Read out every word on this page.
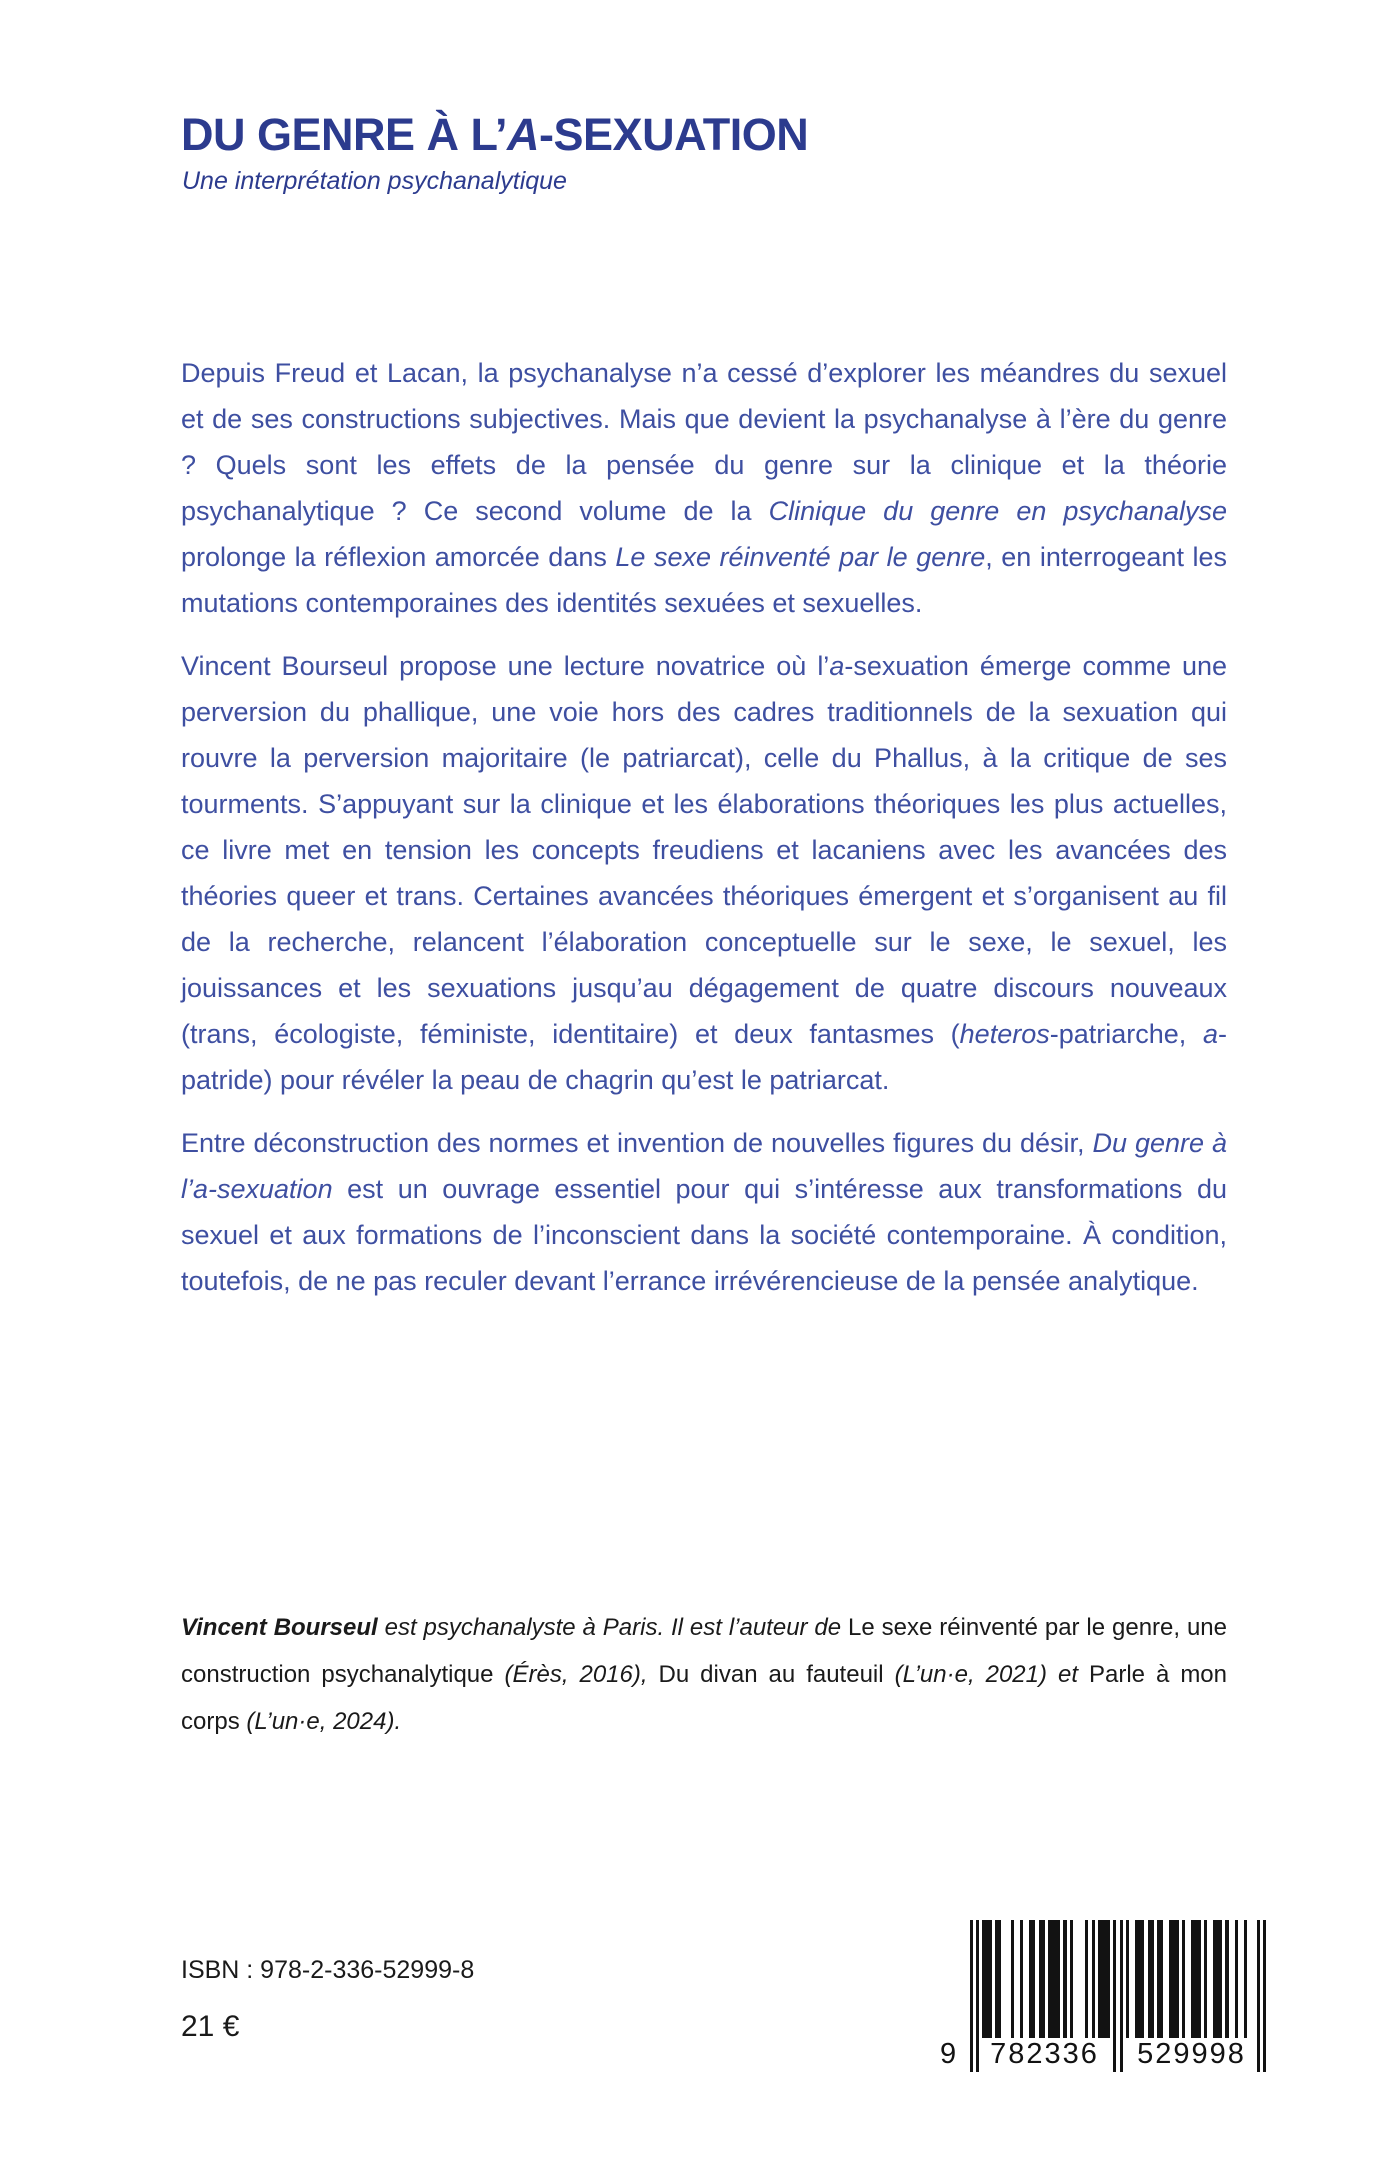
DU GENRE À L’A-SEXUATION
Une interprétation psychanalytique

Depuis Freud et Lacan, la psychanalyse n’a cessé d’explorer les méandres du sexuel et de ses constructions subjectives. Mais que devient la psychanalyse à l’ère du genre ? Quels sont les effets de la pensée du genre sur la clinique et la théorie psychanalytique ? Ce second volume de la Clinique du genre en psychanalyse prolonge la réflexion amorcée dans Le sexe réinventé par le genre, en interrogeant les mutations contemporaines des identités sexuées et sexuelles.

Vincent Bourseul propose une lecture novatrice où l’a-sexuation émerge comme une perversion du phallique, une voie hors des cadres traditionnels de la sexuation qui rouvre la perversion majoritaire (le patriarcat), celle du Phallus, à la critique de ses tourments. S’appuyant sur la clinique et les élaborations théoriques les plus actuelles, ce livre met en tension les concepts freudiens et lacaniens avec les avancées des théories queer et trans. Certaines avancées théoriques émergent et s’organisent au fil de la recherche, relancent l’élaboration conceptuelle sur le sexe, le sexuel, les jouissances et les sexuations jusqu’au dégagement de quatre discours nouveaux (trans, écologiste, féministe, identitaire) et deux fantasmes (heteros-patriarche, a-patride) pour révéler la peau de chagrin qu’est le patriarcat.

Entre déconstruction des normes et invention de nouvelles figures du désir, Du genre à l’a-sexuation est un ouvrage essentiel pour qui s’intéresse aux transformations du sexuel et aux formations de l’inconscient dans la société contemporaine. À condition, toutefois, de ne pas reculer devant l’errance irrévérencieuse de la pensée analytique.

Vincent Bourseul est psychanalyste à Paris. Il est l’auteur de Le sexe réinventé par le genre, une construction psychanalytique (Érès, 2016), Du divan au fauteuil (L’un·e, 2021) et Parle à mon corps (L’un·e, 2024).

ISBN : 978-2-336-52999-8
21 €
9	782336	529998
